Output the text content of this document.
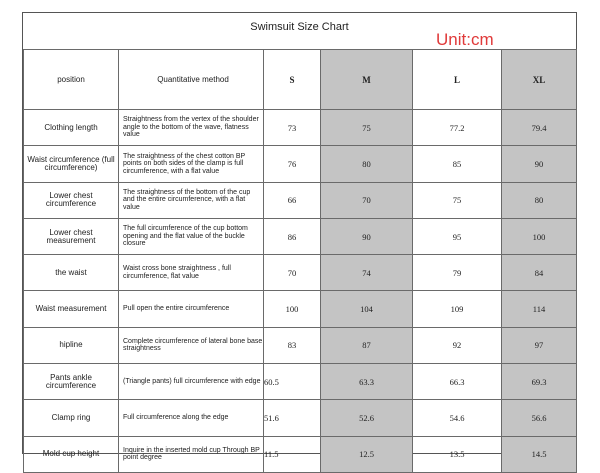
Swimsuit Size Chart
Unit:cm
position	Quantitative method	S	M	L	XL
Clothing length	Straightness from the vertex of the shoulder angle to the bottom of the wave, flatness value	73	75	77.2	79.4
Waist circumference (full circumference)	The straightness of the chest cotton BP points on both sides of the clamp is full circumference, with a flat value	76	80	85	90
Lower chest circumference	The straightness of the bottom of the cup and the entire circumference, with a flat value	66	70	75	80
Lower chest measurement	The full circumference of the cup bottom opening and the flat value of the buckle closure	86	90	95	100
the waist	Waist cross bone straightness , full circumference, flat value	70	74	79	84
Waist measurement	Pull open the entire circumference	100	104	109	114
hipline	Complete circumference of lateral bone base straightness	83	87	92	97
Pants ankle circumference	(Triangle pants) full circumference with edge	60.5	63.3	66.3	69.3
Clamp ring	Full circumference along the edge	51.6	52.6	54.6	56.6
Mold cup height	Inquire in the inserted mold cup Through BP point degree	11.5	12.5	13.5	14.5
